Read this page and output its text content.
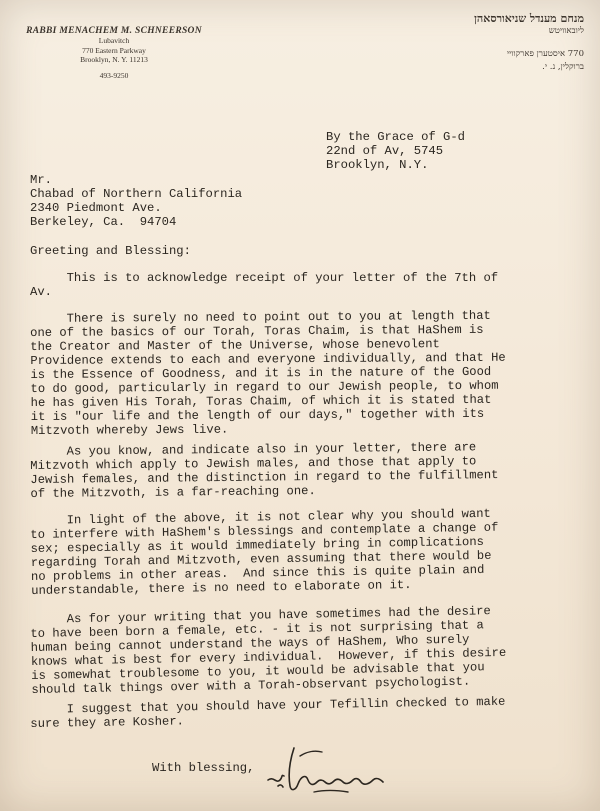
RABBI MENACHEM M. SCHNEERSON
Lubavitch
770 Eastern Parkway
Brooklyn, N. Y. 11213
493-9250
מנחם מענדל שניאורסאהן
ליובאוויטש
770 איסטערן פארקוויי
ברוקלין, נ. י.
By the Grace of G-d
22nd of Av, 5745
Brooklyn, N.Y.
Mr.
Chabad of Northern California
2340 Piedmont Ave.
Berkeley, Ca.  94704
Greeting and Blessing:
This is to acknowledge receipt of your letter of the 7th of
Av.
There is surely no need to point out to you at length that
one of the basics of our Torah, Toras Chaim, is that HaShem is
the Creator and Master of the Universe, whose benevolent
Providence extends to each and everyone individually, and that He
is the Essence of Goodness, and it is in the nature of the Good
to do good, particularly in regard to our Jewish people, to whom
he has given His Torah, Toras Chaim, of which it is stated that
it is "our life and the length of our days," together with its
Mitzvoth whereby Jews live.
As you know, and indicate also in your letter, there are
Mitzvoth which apply to Jewish males, and those that apply to
Jewish females, and the distinction in regard to the fulfillment
of the Mitzvoth, is a far-reaching one.
In light of the above, it is not clear why you should want
to interfere with HaShem's blessings and contemplate a change of
sex; especially as it would immediately bring in complications
regarding Torah and Mitzvoth, even assuming that there would be
no problems in other areas.  And since this is quite plain and
understandable, there is no need to elaborate on it.
As for your writing that you have sometimes had the desire
to have been born a female, etc. - it is not surprising that a
human being cannot understand the ways of HaShem, Who surely
knows what is best for every individual.  However, if this desire
is somewhat troublesome to you, it would be advisable that you
should talk things over with a Torah-observant psychologist.
I suggest that you should have your Tefillin checked to make
sure they are Kosher.
With blessing,
